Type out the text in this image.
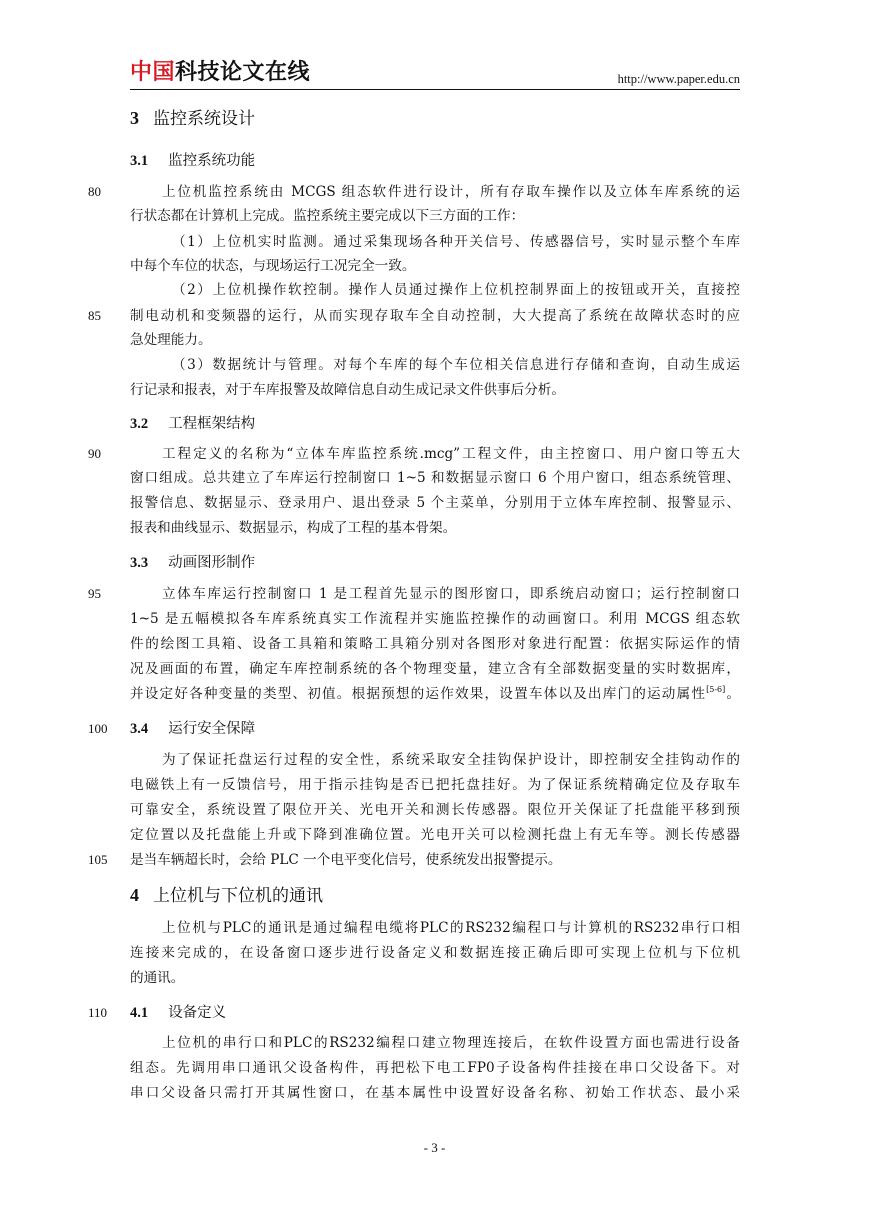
中国科技论文在线	http://www.paper.edu.cn
3 监控系统设计
3.1 监控系统功能
80	上位机监控系统由 MCGS 组态软件进行设计，所有存取车操作以及立体车库系统的运
行状态都在计算机上完成。监控系统主要完成以下三方面的工作：
（1）上位机实时监测。通过采集现场各种开关信号、传感器信号，实时显示整个车库
中每个车位的状态，与现场运行工况完全一致。
（2）上位机操作软控制。操作人员通过操作上位机控制界面上的按钮或开关，直接控
85	制电动机和变频器的运行，从而实现存取车全自动控制，大大提高了系统在故障状态时的应
急处理能力。
（3）数据统计与管理。对每个车库的每个车位相关信息进行存储和查询，自动生成运
行记录和报表，对于车库报警及故障信息自动生成记录文件供事后分析。
3.2 工程框架结构
90	工程定义的名称为“立体车库监控系统.mcg”工程文件，由主控窗口、用户窗口等五大
窗口组成。总共建立了车库运行控制窗口 1~5 和数据显示窗口 6 个用户窗口，组态系统管理、
报警信息、数据显示、登录用户、退出登录 5 个主菜单，分别用于立体车库控制、报警显示、
报表和曲线显示、数据显示，构成了工程的基本骨架。
3.3 动画图形制作
95	立体车库运行控制窗口 1 是工程首先显示的图形窗口，即系统启动窗口；运行控制窗口
1~5 是五幅模拟各车库系统真实工作流程并实施监控操作的动画窗口。利用 MCGS 组态软
件的绘图工具箱、设备工具箱和策略工具箱分别对各图形对象进行配置：依据实际运作的情
况及画面的布置，确定车库控制系统的各个物理变量，建立含有全部数据变量的实时数据库，
并设定好各种变量的类型、初值。根据预想的运作效果，设置车体以及出库门的运动属性[5-6]。
100	3.4 运行安全保障
为了保证托盘运行过程的安全性，系统采取安全挂钩保护设计，即控制安全挂钩动作的
电磁铁上有一反馈信号，用于指示挂钩是否已把托盘挂好。为了保证系统精确定位及存取车
可靠安全，系统设置了限位开关、光电开关和测长传感器。限位开关保证了托盘能平移到预
定位置以及托盘能上升或下降到准确位置。光电开关可以检测托盘上有无车等。测长传感器
105	是当车辆超长时，会给 PLC 一个电平变化信号，使系统发出报警提示。
4 上位机与下位机的通讯
上位机与PLC的通讯是通过编程电缆将PLC的RS232编程口与计算机的RS232串行口相
连接来完成的，在设备窗口逐步进行设备定义和数据连接正确后即可实现上位机与下位机
的通讯。
110	4.1 设备定义
上位机的串行口和PLC的RS232编程口建立物理连接后，在软件设置方面也需进行设备
组态。先调用串口通讯父设备构件，再把松下电工FP0子设备构件挂接在串口父设备下。对
串口父设备只需打开其属性窗口，在基本属性中设置好设备名称、初始工作状态、最小采
- 3 -
